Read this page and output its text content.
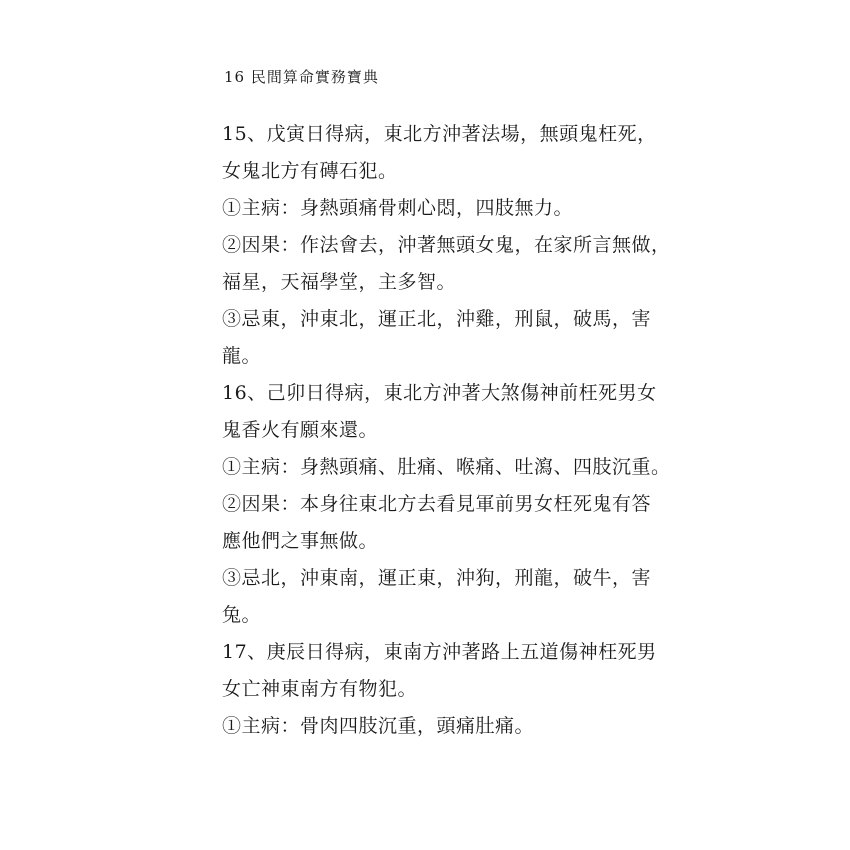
16 民間算命實務寶典
15、戊寅日得病，東北方沖著法場，無頭鬼枉死，
女鬼北方有磚石犯。
①主病：身熱頭痛骨刺心悶，四肢無力。
②因果：作法會去，沖著無頭女鬼，在家所言無做，
福星，天福學堂，主多智。
③忌東，沖東北，運正北，沖雞，刑鼠，破馬，害
龍。
16、己卯日得病，東北方沖著大煞傷神前枉死男女
鬼香火有願來還。
①主病：身熱頭痛、肚痛、喉痛、吐瀉、四肢沉重。
②因果：本身往東北方去看見軍前男女枉死鬼有答
應他們之事無做。
③忌北，沖東南，運正東，沖狗，刑龍，破牛，害
兔。
17、庚辰日得病，東南方沖著路上五道傷神枉死男
女亡神東南方有物犯。
①主病：骨肉四肢沉重，頭痛肚痛。
